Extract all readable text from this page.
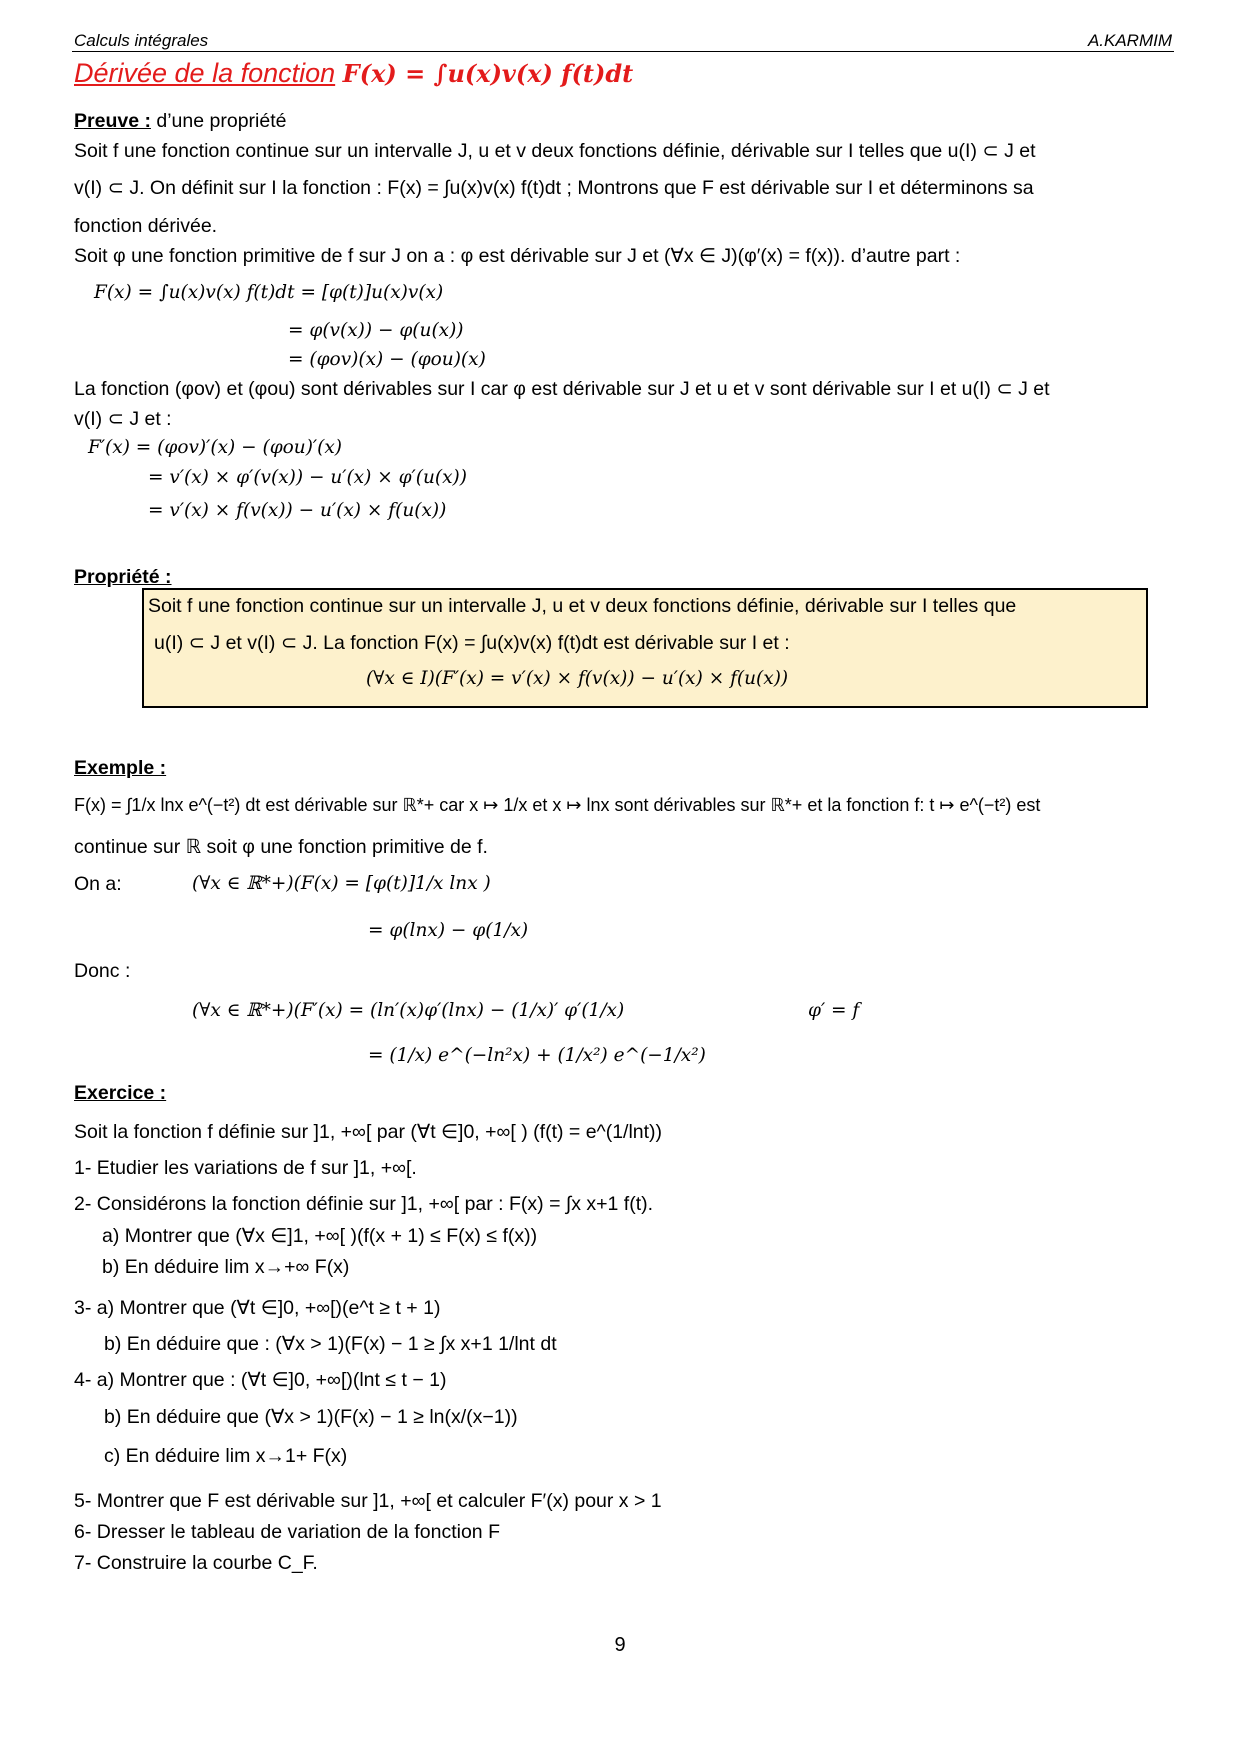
Calculs intégrales	A.KARMIM
Dérivée de la fonction F(x) = ∫u(x)v(x) f(t)dt
Preuve : d’une propriété
Soit f une fonction continue sur un intervalle J, u et v deux fonctions définie, dérivable sur I telles que u(I) ⊂ J et
v(I) ⊂ J. On définit sur I la fonction : F(x) = ∫u(x)v(x) f(t)dt ; Montrons que F est dérivable sur I et déterminons sa
fonction dérivée.
Soit φ une fonction primitive de f sur J on a : φ est dérivable sur J et (∀x ∈ J)(φ′(x) = f(x)). d’autre part :
F(x) = ∫u(x)v(x) f(t)dt = [φ(t)]u(x)v(x)
= φ(v(x)) − φ(u(x))
= (φov)(x) − (φou)(x)
La fonction (φov) et (φou) sont dérivables sur I car φ est dérivable sur J et u et v sont dérivable sur I et u(I) ⊂ J et
v(I) ⊂ J et :
F′(x) = (φov)′(x) − (φou)′(x)
= v′(x) × φ′(v(x)) − u′(x) × φ′(u(x))
= v′(x) × f(v(x)) − u′(x) × f(u(x))
Propriété :
Soit f une fonction continue sur un intervalle J, u et v deux fonctions définie, dérivable sur I telles que
u(I) ⊂ J et v(I) ⊂ J. La fonction F(x) = ∫u(x)v(x) f(t)dt est dérivable sur I et :
(∀x ∈ I)(F′(x) = v′(x) × f(v(x)) − u′(x) × f(u(x))
Exemple :
F(x) = ∫1/x lnx e^(−t²) dt est dérivable sur ℝ*+ car x ↦ 1/x et x ↦ lnx sont dérivables sur ℝ*+ et la fonction f: t ↦ e^(−t²) est
continue sur ℝ soit φ une fonction primitive de f.
On a:	(∀x ∈ ℝ*+)(F(x) = [φ(t)]1/x lnx )
= φ(lnx) − φ(1/x)
Donc :
(∀x ∈ ℝ*+)(F′(x) = (ln′(x)φ′(lnx) − (1/x)′ φ′(1/x)	φ′ = f
= (1/x) e^(−ln²x) + (1/x²) e^(−1/x²)
Exercice :
Soit la fonction f définie sur ]1, +∞[ par (∀t ∈]0, +∞[ ) (f(t) = e^(1/lnt))
1- Etudier les variations de f sur ]1, +∞[.
2- Considérons la fonction définie sur ]1, +∞[ par : F(x) = ∫x x+1 f(t).
a) Montrer que (∀x ∈]1, +∞[ )(f(x + 1) ≤ F(x) ≤ f(x))
b) En déduire lim x→+∞ F(x)
3- a) Montrer que (∀t ∈]0, +∞[)(e^t ≥ t + 1)
b) En déduire que : (∀x > 1)(F(x) − 1 ≥ ∫x x+1 1/lnt dt
4- a) Montrer que : (∀t ∈]0, +∞[)(lnt ≤ t − 1)
b) En déduire que (∀x > 1)(F(x) − 1 ≥ ln(x/(x−1))
c) En déduire lim x→1+ F(x)
5- Montrer que F est dérivable sur ]1, +∞[ et calculer F′(x) pour x > 1
6- Dresser le tableau de variation de la fonction F
7- Construire la courbe C_F.
9
